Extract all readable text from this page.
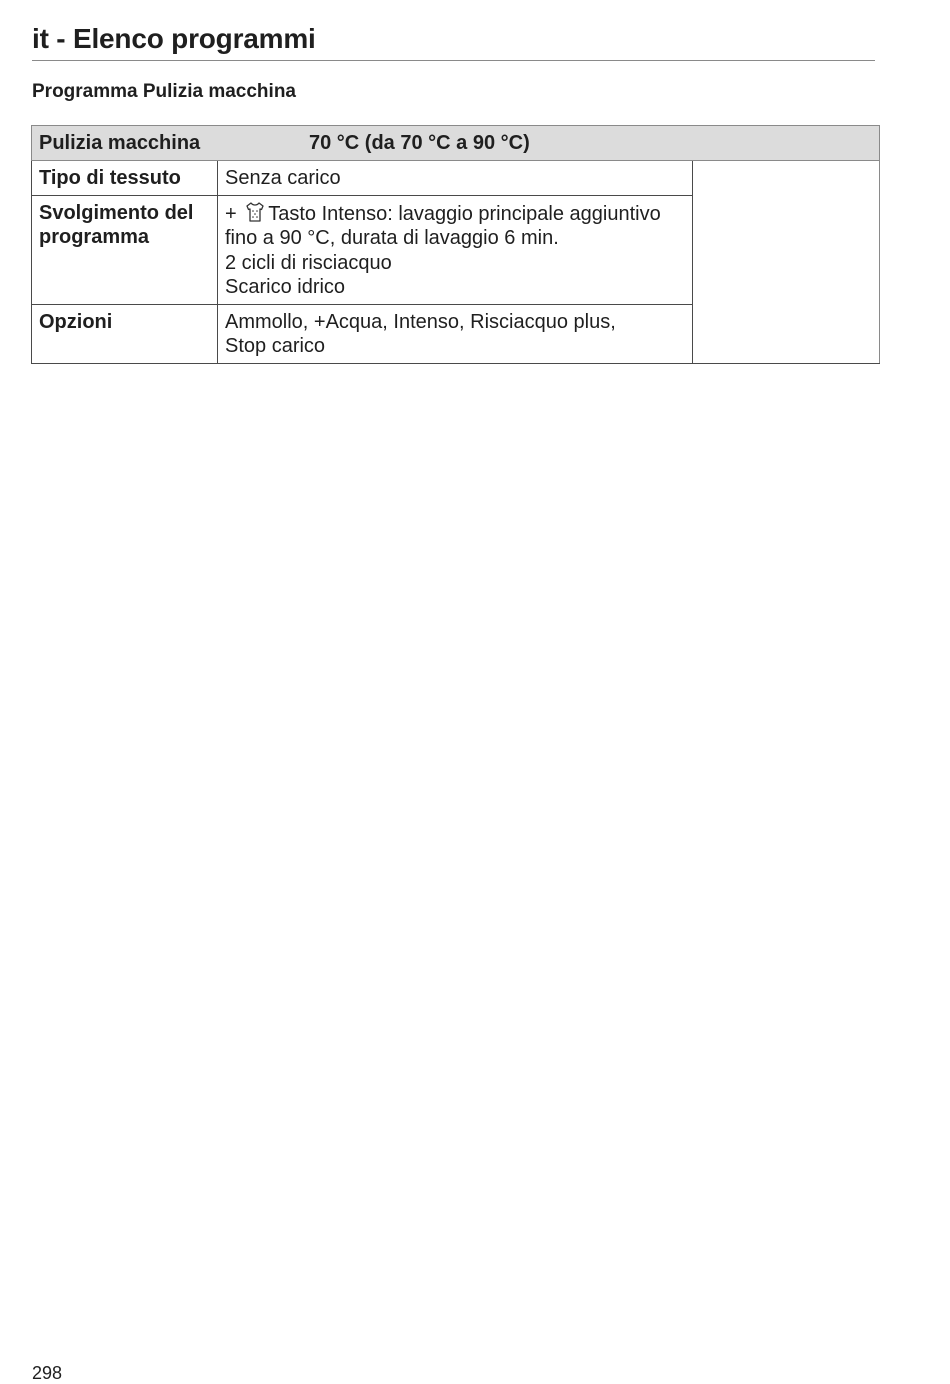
it - Elenco programmi
Programma Pulizia macchina
Pulizia macchina 70 °C (da 70 °C a 90 °C)		
Tipo di tessuto	Senza carico	

Svolgimento del programma	+ Tasto Intenso: lavaggio principale aggiuntivo
fino a 90 °C, durata di lavaggio 6 min.
2 cicli di risciacquo
Scarico idrico	

Opzioni	Ammollo, +Acqua, Intenso, Risciacquo plus,
Stop carico	
298
